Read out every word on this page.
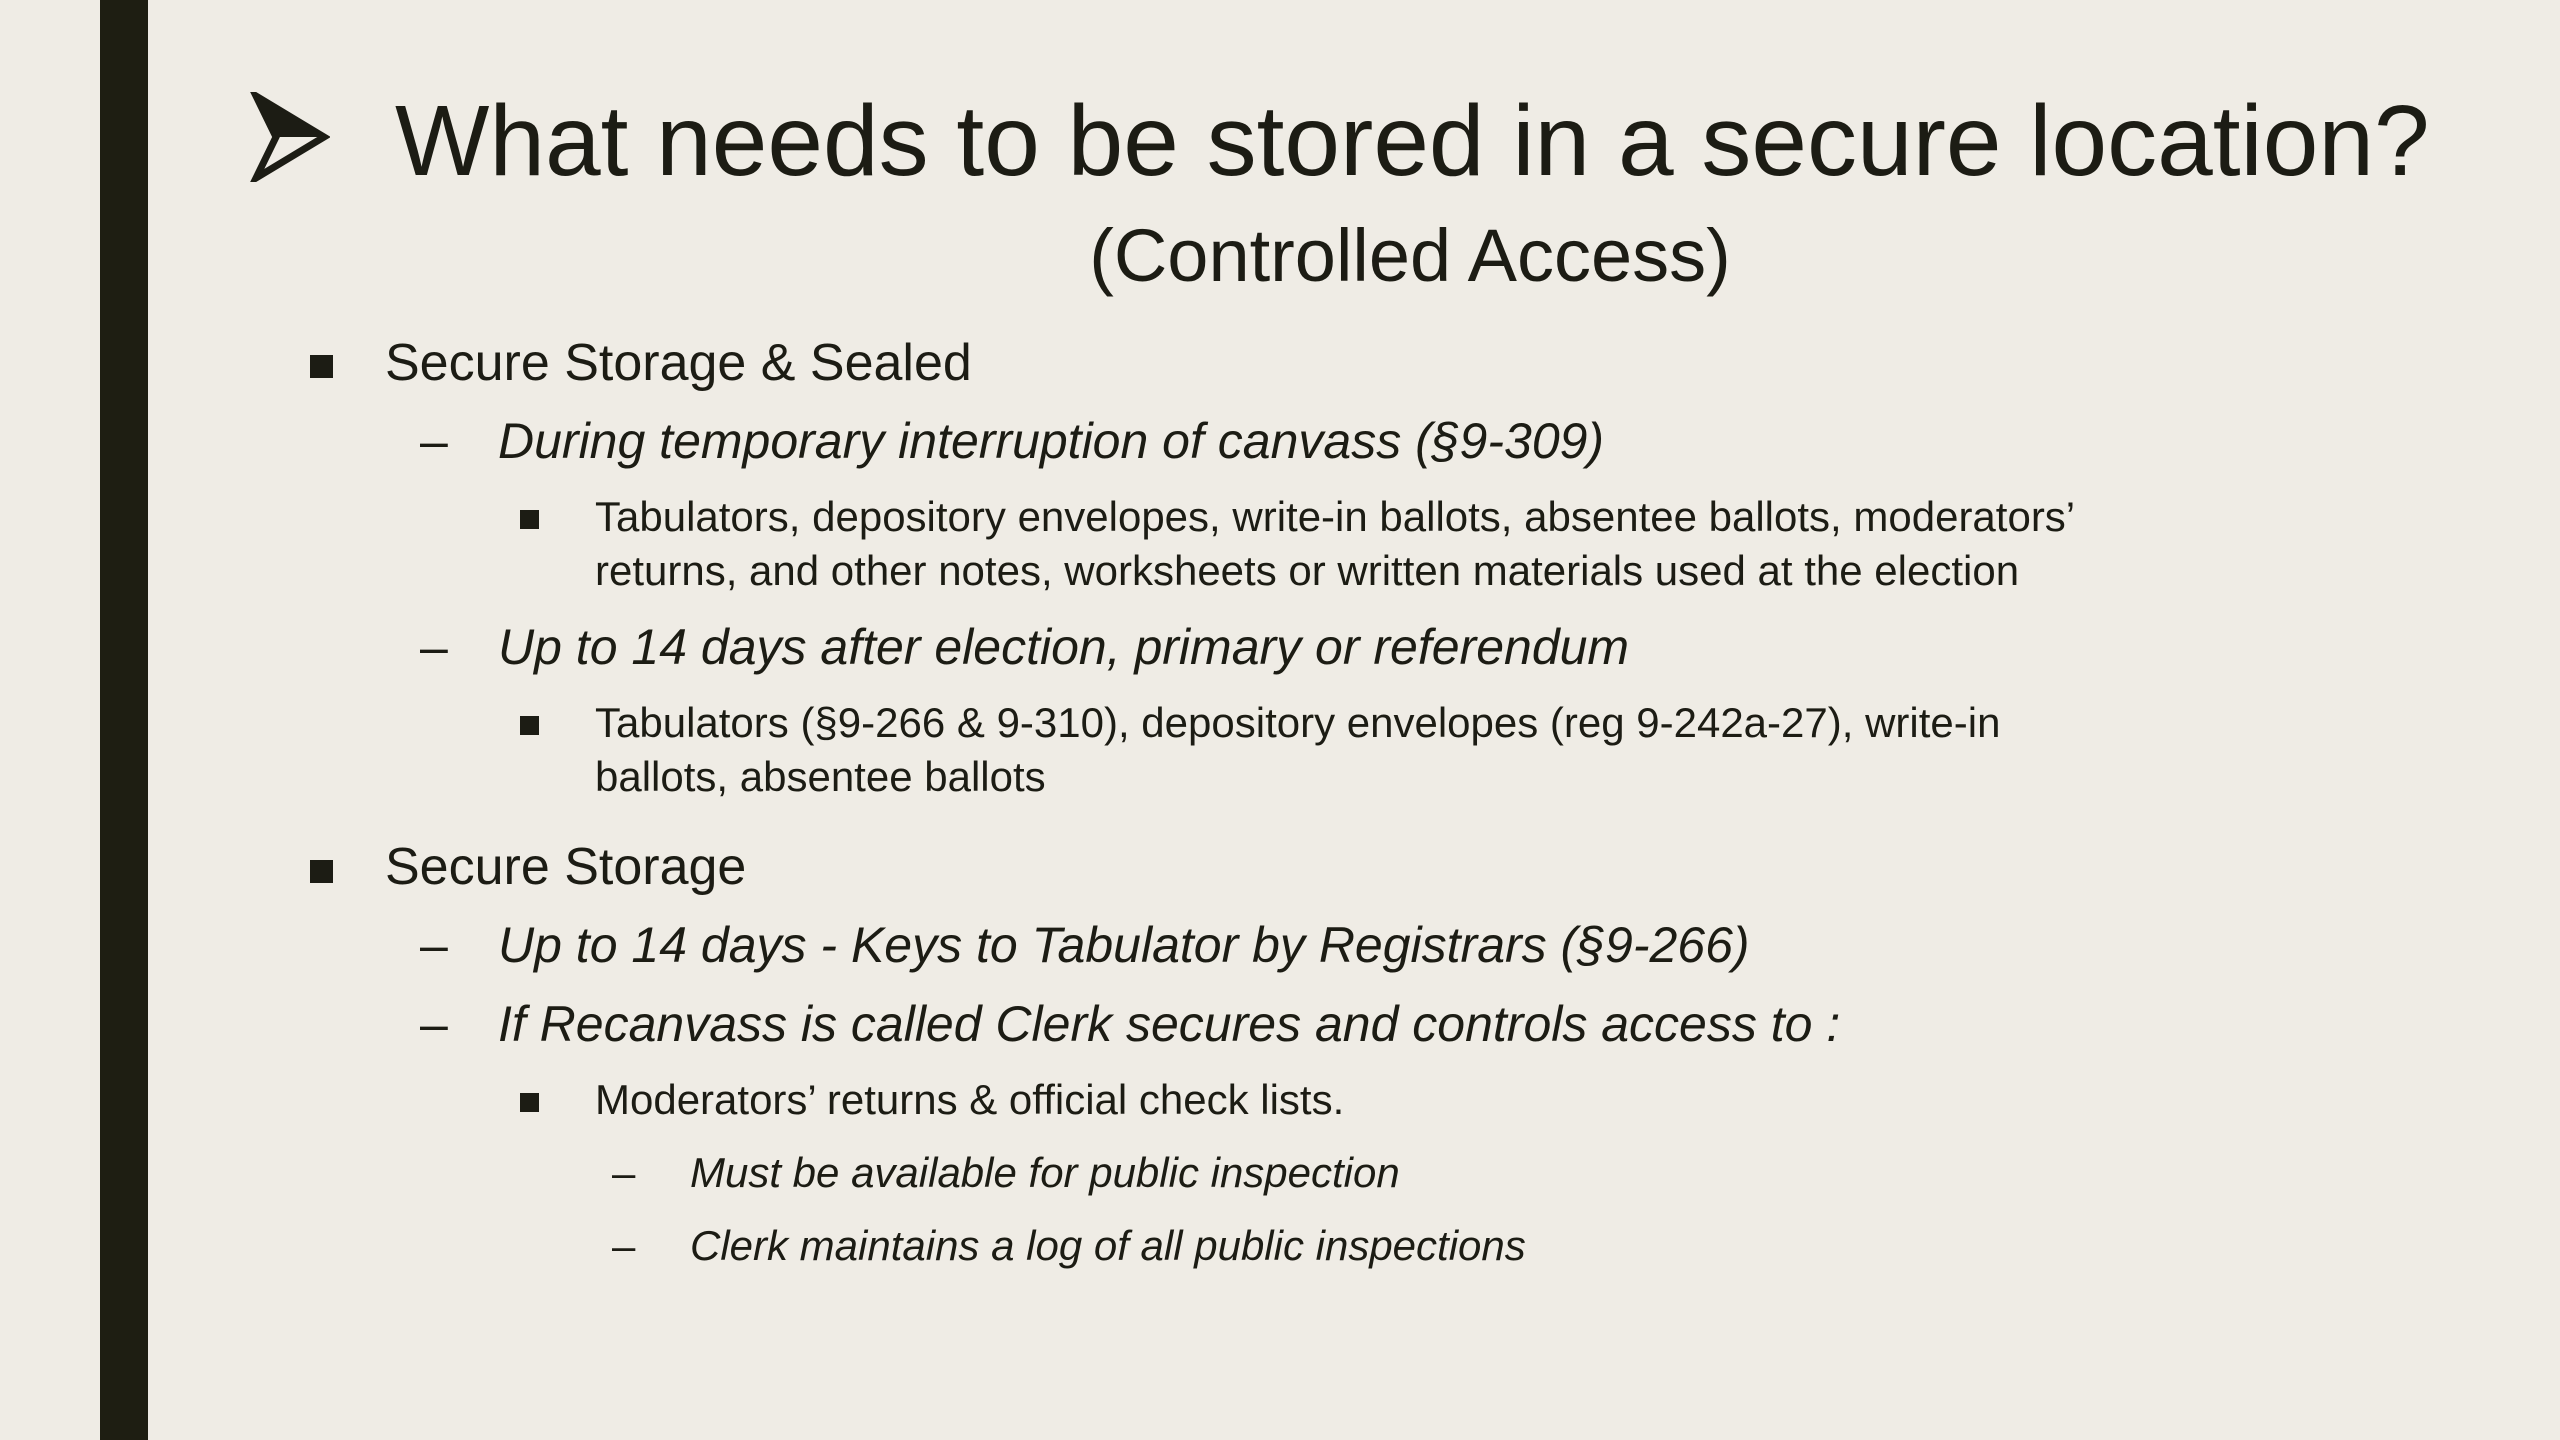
What needs to be stored in a secure location?
(Controlled Access)
Secure Storage & Sealed
– During temporary interruption of canvass (§9-309)
Tabulators, depository envelopes, write-in ballots, absentee ballots, moderators’
returns, and other notes, worksheets or written materials used at the election
– Up to 14 days after election, primary or referendum
Tabulators (§9-266 & 9-310), depository envelopes (reg 9-242a-27), write-in
ballots, absentee ballots
Secure Storage
– Up to 14 days - Keys to Tabulator by Registrars (§9-266)
– If Recanvass is called Clerk secures and controls access to :
Moderators’ returns & official check lists.
– Must be available for public inspection
– Clerk maintains a log of all public inspections
